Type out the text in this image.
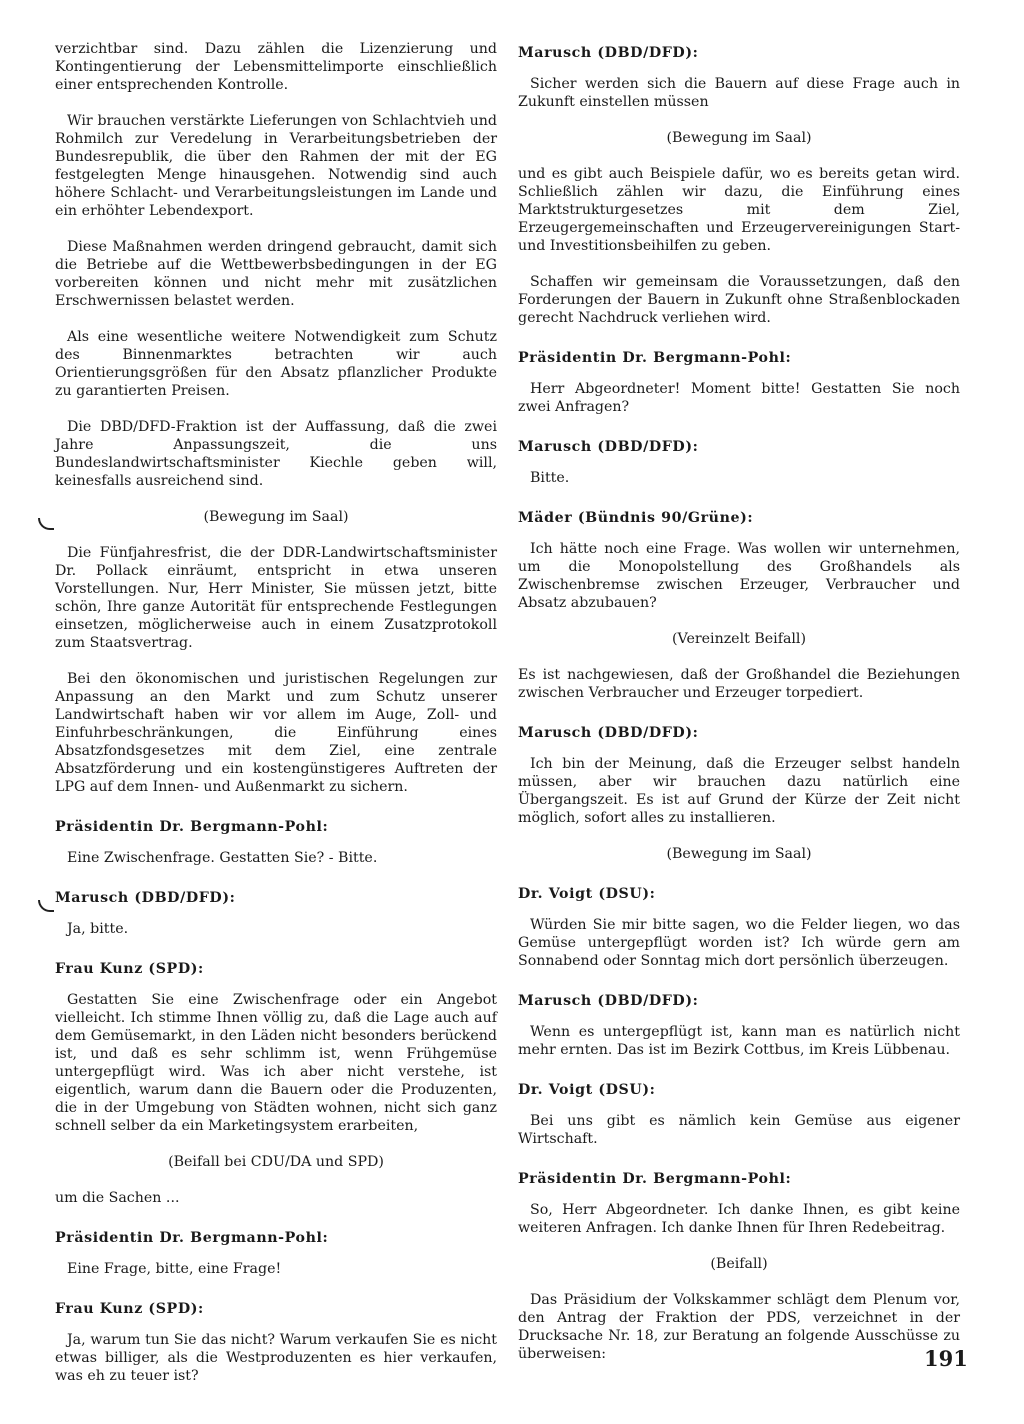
verzichtbar sind. Dazu zählen die Lizenzierung und Kontingentierung der Lebensmittelimporte einschließlich einer entsprechenden Kontrolle.

Wir brauchen verstärkte Lieferungen von Schlachtvieh und Rohmilch zur Veredelung in Verarbeitungsbetrieben der Bundesrepublik, die über den Rahmen der mit der EG festgelegten Menge hinausgehen. Notwendig sind auch höhere Schlacht- und Verarbeitungsleistungen im Lande und ein erhöhter Lebendexport.

Diese Maßnahmen werden dringend gebraucht, damit sich die Betriebe auf die Wettbewerbsbedingungen in der EG vorbereiten können und nicht mehr mit zusätzlichen Erschwernissen belastet werden.

Als eine wesentliche weitere Notwendigkeit zum Schutz des Binnenmarktes betrachten wir auch Orientierungsgrößen für den Absatz pflanzlicher Produkte zu garantierten Preisen.

Die DBD/DFD-Fraktion ist der Auffassung, daß die zwei Jahre Anpassungszeit, die uns Bundeslandwirtschaftsminister Kiechle geben will, keinesfalls ausreichend sind.

(Bewegung im Saal)

Die Fünfjahresfrist, die der DDR-Landwirtschaftsminister Dr. Pollack einräumt, entspricht in etwa unseren Vorstellungen. Nur, Herr Minister, Sie müssen jetzt, bitte schön, Ihre ganze Autorität für entsprechende Festlegungen einsetzen, möglicherweise auch in einem Zusatzprotokoll zum Staatsvertrag.

Bei den ökonomischen und juristischen Regelungen zur Anpassung an den Markt und zum Schutz unserer Landwirtschaft haben wir vor allem im Auge, Zoll- und Einfuhrbeschränkungen, die Einführung eines Absatzfondsgesetzes mit dem Ziel, eine zentrale Absatzförderung und ein kostengünstigeres Auftreten der LPG auf dem Innen- und Außenmarkt zu sichern.

Präsidentin Dr. Bergmann-Pohl:

Eine Zwischenfrage. Gestatten Sie? - Bitte.

Marusch (DBD/DFD):

Ja, bitte.

Frau Kunz (SPD):

Gestatten Sie eine Zwischenfrage oder ein Angebot vielleicht. Ich stimme Ihnen völlig zu, daß die Lage auch auf dem Gemüsemarkt, in den Läden nicht besonders berückend ist, und daß es sehr schlimm ist, wenn Frühgemüse untergepflügt wird. Was ich aber nicht verstehe, ist eigentlich, warum dann die Bauern oder die Produzenten, die in der Umgebung von Städten wohnen, nicht sich ganz schnell selber da ein Marketingsystem erarbeiten,

(Beifall bei CDU/DA und SPD)

um die Sachen ...

Präsidentin Dr. Bergmann-Pohl:

Eine Frage, bitte, eine Frage!

Frau Kunz (SPD):

Ja, warum tun Sie das nicht? Warum verkaufen Sie es nicht etwas billiger, als die Westproduzenten es hier verkaufen, was eh zu teuer ist?

Marusch (DBD/DFD):

Sicher werden sich die Bauern auf diese Frage auch in Zukunft einstellen müssen

(Bewegung im Saal)

und es gibt auch Beispiele dafür, wo es bereits getan wird. Schließlich zählen wir dazu, die Einführung eines Marktstrukturgesetzes mit dem Ziel, Erzeugergemeinschaften und Erzeugervereinigungen Start- und Investitionsbeihilfen zu geben.

Schaffen wir gemeinsam die Voraussetzungen, daß den Forderungen der Bauern in Zukunft ohne Straßenblockaden gerecht Nachdruck verliehen wird.

Präsidentin Dr. Bergmann-Pohl:

Herr Abgeordneter! Moment bitte! Gestatten Sie noch zwei Anfragen?

Marusch (DBD/DFD):

Bitte.

Mäder (Bündnis 90/Grüne):

Ich hätte noch eine Frage. Was wollen wir unternehmen, um die Monopolstellung des Großhandels als Zwischenbremse zwischen Erzeuger, Verbraucher und Absatz abzubauen?

(Vereinzelt Beifall)

Es ist nachgewiesen, daß der Großhandel die Beziehungen zwischen Verbraucher und Erzeuger torpediert.

Marusch (DBD/DFD):

Ich bin der Meinung, daß die Erzeuger selbst handeln müssen, aber wir brauchen dazu natürlich eine Übergangszeit. Es ist auf Grund der Kürze der Zeit nicht möglich, sofort alles zu installieren.

(Bewegung im Saal)

Dr. Voigt (DSU):

Würden Sie mir bitte sagen, wo die Felder liegen, wo das Gemüse untergepflügt worden ist? Ich würde gern am Sonnabend oder Sonntag mich dort persönlich überzeugen.

Marusch (DBD/DFD):

Wenn es untergepflügt ist, kann man es natürlich nicht mehr ernten. Das ist im Bezirk Cottbus, im Kreis Lübbenau.

Dr. Voigt (DSU):

Bei uns gibt es nämlich kein Gemüse aus eigener Wirtschaft.

Präsidentin Dr. Bergmann-Pohl:

So, Herr Abgeordneter. Ich danke Ihnen, es gibt keine weiteren Anfragen. Ich danke Ihnen für Ihren Redebeitrag.

(Beifall)

Das Präsidium der Volkskammer schlägt dem Plenum vor, den Antrag der Fraktion der PDS, verzeichnet in der Drucksache Nr. 18, zur Beratung an folgende Ausschüsse zu überweisen:	191
